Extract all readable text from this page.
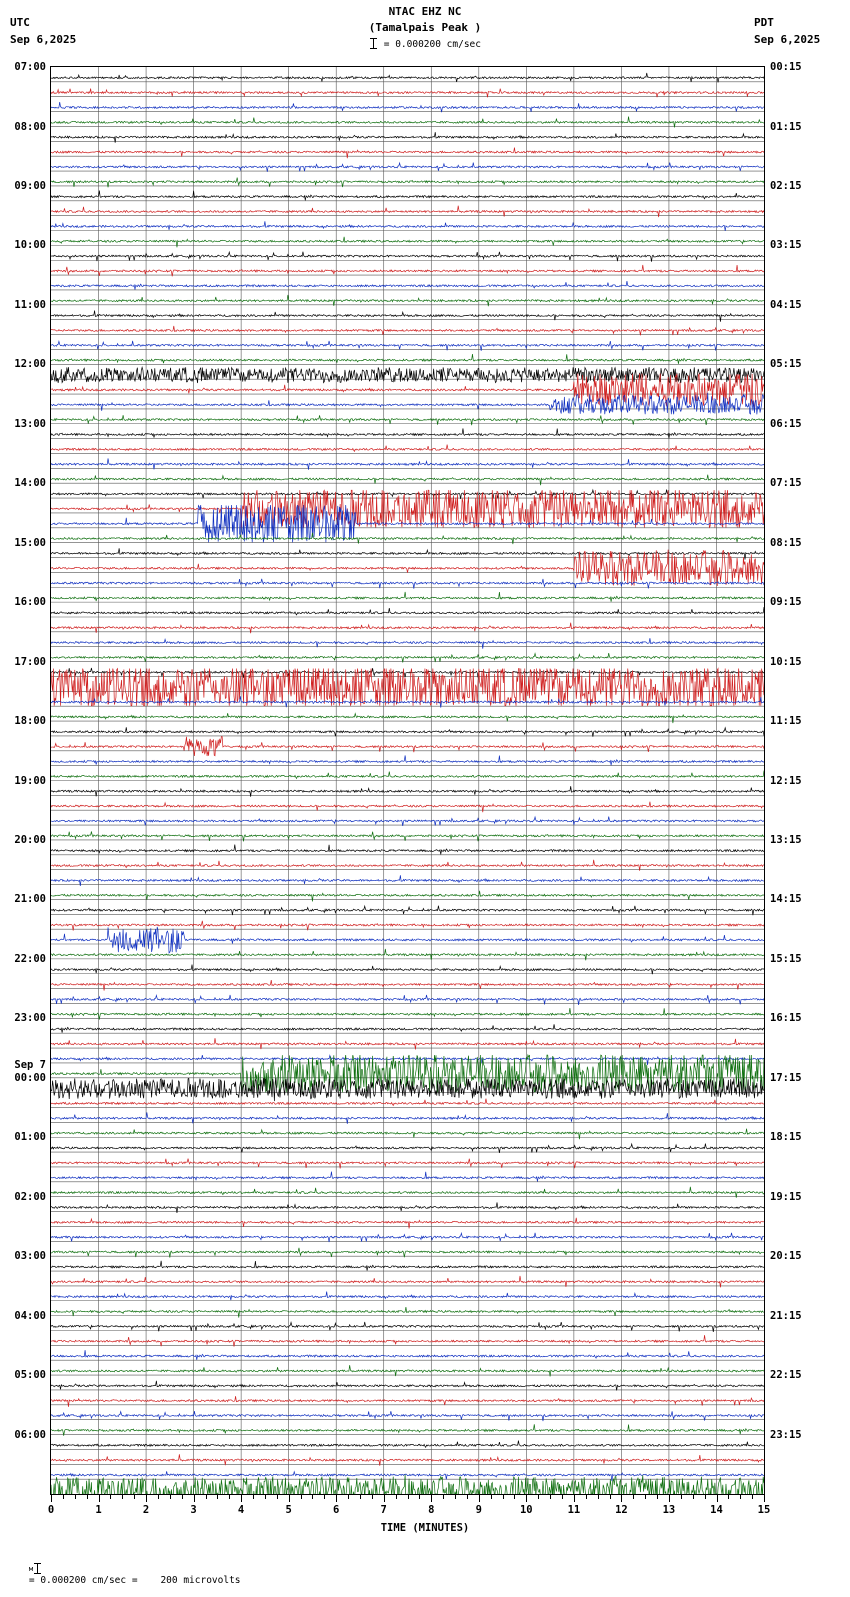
UTC
Sep 6,2025
PDT
Sep 6,2025
NTAC EHZ NC
(Tamalpais Peak )
= 0.000200 cm/sec
07:00	00:15
08:00	01:15
09:00	02:15
10:00	03:15
11:00	04:15
12:00	05:15
13:00	06:15
14:00	07:15
15:00	08:15
16:00	09:15
17:00	10:15
18:00	11:15
19:00	12:15
20:00	13:15
21:00	14:15
22:00	15:15
23:00	16:15
Sep 7
00:00	17:15
01:00	18:15
02:00	19:15
03:00	20:15
04:00	21:15
05:00	22:15
06:00	23:15
0	1	2	3	4	5	6	7	8	9	10	11	12	13	14	15
TIME (MINUTES)

м
= 0.000200 cm/sec = 200 microvolts
